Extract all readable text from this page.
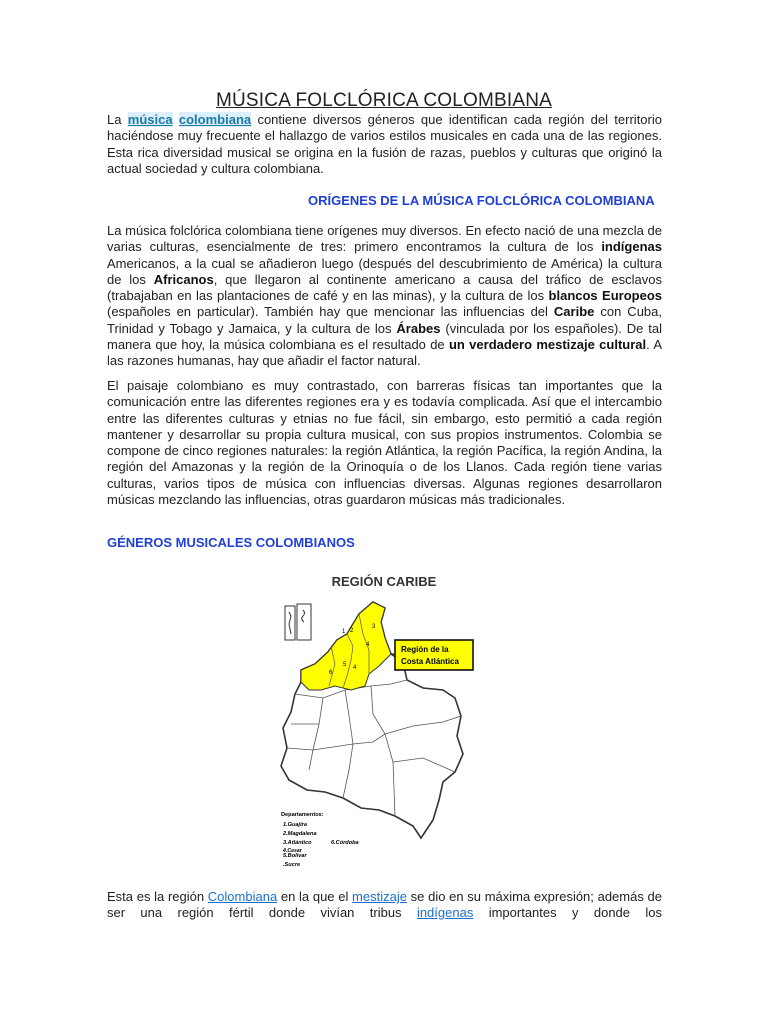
MÚSICA FOLCLÓRICA COLOMBIANA
La música colombiana contiene diversos géneros que identifican cada región del territorio haciéndose muy frecuente el hallazgo de varios estilos musicales en cada una de las regiones. Esta rica diversidad musical se origina en la fusión de razas, pueblos y culturas que originó la actual sociedad y cultura colombiana.
ORÍGENES DE LA MÚSICA FOLCLÓRICA COLOMBIANA
La música folclórica colombiana tiene orígenes muy diversos. En efecto nació de una mezcla de varias culturas, esencialmente de tres: primero encontramos la cultura de los indígenas Americanos, a la cual se añadieron luego (después del descubrimiento de América) la cultura de los Africanos, que llegaron al continente americano a causa del tráfico de esclavos (trabajaban en las plantaciones de café y en las minas), y la cultura de los blancos Europeos (españoles en particular). También hay que mencionar las influencias del Caribe con Cuba, Trinidad y Tobago y Jamaica, y la cultura de los Árabes (vinculada por los españoles). De tal manera que hoy, la música colombiana es el resultado de un verdadero mestizaje cultural. A las razones humanas, hay que añadir el factor natural.
El paisaje colombiano es muy contrastado, con barreras físicas tan importantes que la comunicación entre las diferentes regiones era y es todavía complicada. Así que el intercambio entre las diferentes culturas y etnias no fue fácil, sin embargo, esto permitió a cada región mantener y desarrollar su propia cultura musical, con sus propios instrumentos. Colombia se compone de cinco regiones naturales: la región Atlántica, la región Pacífica, la región Andina, la región del Amazonas y la región de la Orinoquía o de los Llanos. Cada región tiene varias culturas, varios tipos de música con influencias diversas. Algunas regiones desarrollaron músicas mezclando las influencias, otras guardaron músicas más tradicionales.
GÉNEROS MUSICALES COLOMBIANOS
REGIÓN CARIBE
1 2
3
4
5 4
6
Región de la
Costa Atlántica
Departamentos:
1.Guajira
2.Magdalena
3.Atlántico	6.Córdoba
4.Cesar
5.Bolívar
.Sucre
Esta es la región Colombiana en la que el mestizaje se dio en su máxima expresión; además de ser una región fértil donde vivían tribus indígenas importantes y donde los
